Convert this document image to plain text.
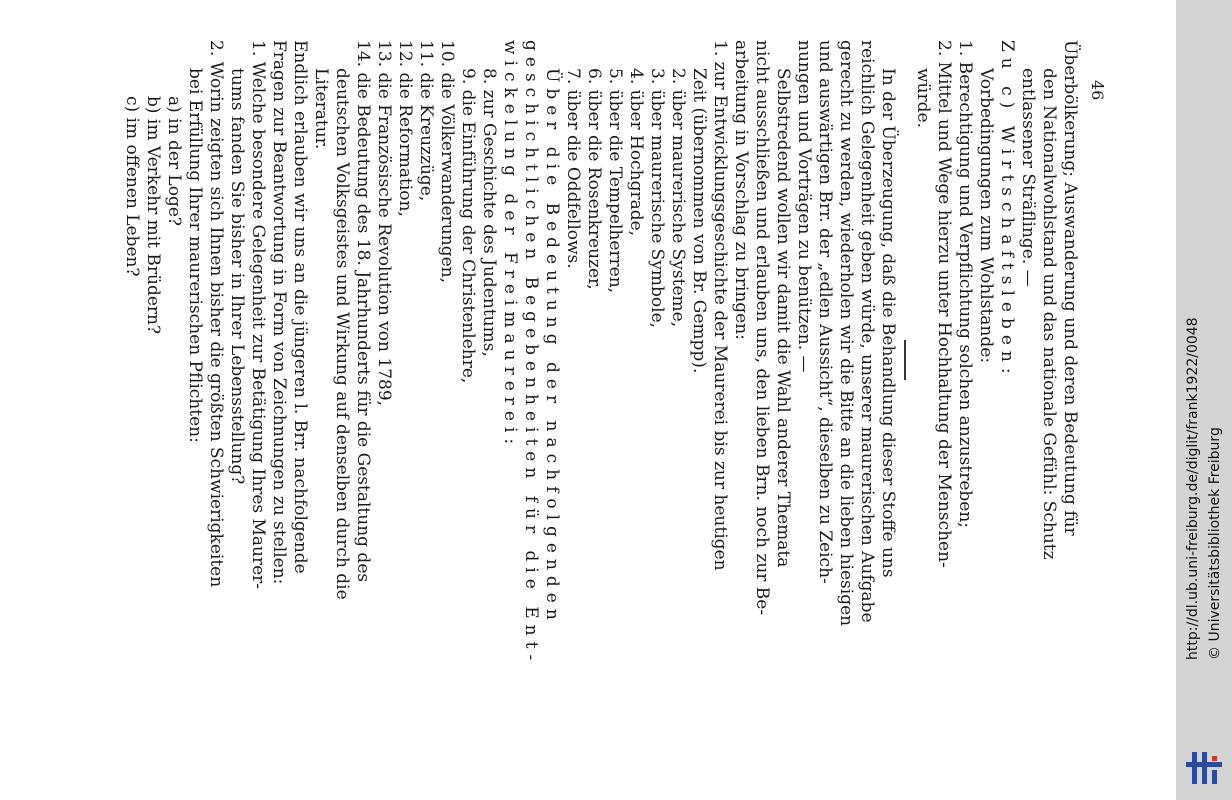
46
Überbölkerung; Auswanderung und deren Bedeutung für
den Nationalwohlstand und das nationale Gefühl: Schutz
entlassener Sträflinge. —
Zu c) Wirtschaftsleben:
Vorbedingungen zum Wohlstande:
1. Berechtigung und Verpflichtung solchen anzustreben;
2. Mittel und Wege hierzu unter Hochhaltung der Menschen-
würde.
In der Überzeugung, daß die Behandlung dieser Stoffe uns
reichlich Gelegenheit geben würde, unserer maurerischen Aufgabe
gerecht zu werden, wiederholen wir die Bitte an die lieben hiesigen
und auswärtigen Brr. der „edlen Aussicht“, dieselben zu Zeich-
nungen und Vorträgen zu benützen. —
Selbstredend wollen wir damit die Wahl anderer Themata
nicht ausschließen und erlauben uns, den lieben Brn. noch zur Be-
arbeitung in Vorschlag zu bringen:
1. zur Entwicklungsgeschichte der Maurerei bis zur heutigen
Zeit (übernommen von Br. Gempp).
2. über maurerische Systeme,
3. über maurerische Symbole,
4. über Hochgrade,
5. über die Tempelherren,
6. über die Rosenkreuzer,
7. über die Oddfellows.
Über die Bedeutung der nachfolgenden
geschichtlichen Begebenheiten für die Ent-
wickelung der Freimaurerei:
8. zur Geschichte des Judentums,
9. die Einführung der Christenlehre,
10. die Völkerwanderungen,
11. die Kreuzzüge,
12. die Reformation,
13. die Französische Revolution von 1789,
14. die Bedeutung des 18. Jahrhunderts für die Gestaltung des
deutschen Volksgeistes und Wirkung auf denselben durch die
Literatur.
Endlich erlauben wir uns an die jüngeren l. Brr. nachfolgende
Fragen zur Beantwortung in Form von Zeichnungen zu stellen:
1. Welche besondere Gelegenheit zur Betätigung Ihres Maurer-
tums fanden Sie bisher in Ihrer Lebensstellung?
2. Worin zeigten sich Ihnen bisher die größten Schwierigkeiten
bei Erfüllung Ihrer maurerischen Pflichten:
a) in der Loge?
b) im Verkehr mit Brüdern?
c) im offenen Leben?
http://dl.ub.uni-freiburg.de/diglit/frank1922/0048 © Universitätsbibliothek Freiburg
